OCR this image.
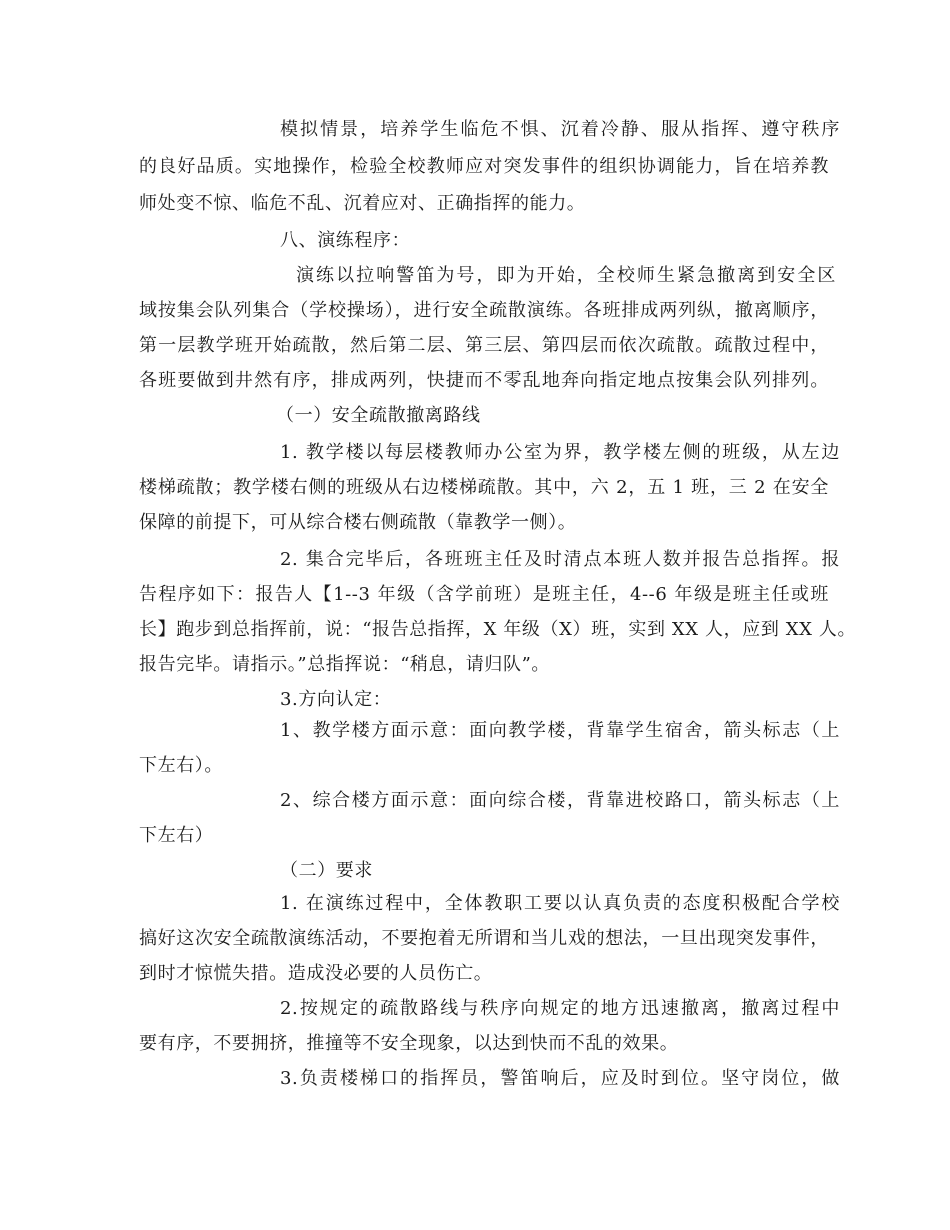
模拟情景，培养学生临危不惧、沉着冷静、服从指挥、遵守秩序
的良好品质。实地操作，检验全校教师应对突发事件的组织协调能力，旨在培养教
师处变不惊、临危不乱、沉着应对、正确指挥的能力。
八、演练程序：
演练以拉响警笛为号，即为开始，全校师生紧急撤离到安全区
域按集会队列集合（学校操场），进行安全疏散演练。各班排成两列纵，撤离顺序，
第一层教学班开始疏散，然后第二层、第三层、第四层而依次疏散。疏散过程中，
各班要做到井然有序，排成两列，快捷而不零乱地奔向指定地点按集会队列排列。
（一）安全疏散撤离路线
1. 教学楼以每层楼教师办公室为界，教学楼左侧的班级，从左边
楼梯疏散；教学楼右侧的班级从右边楼梯疏散。其中，六 2，五 1 班，三 2 在安全
保障的前提下，可从综合楼右侧疏散（靠教学一侧）。
2. 集合完毕后，各班班主任及时清点本班人数并报告总指挥。报
告程序如下：报告人【1--3 年级（含学前班）是班主任，4--6 年级是班主任或班
长】跑步到总指挥前，说：“报告总指挥，X 年级（X）班，实到 XX 人，应到 XX 人。
报告完毕。请指示。”总指挥说：“稍息，请归队”。
3.方向认定：
1、教学楼方面示意：面向教学楼，背靠学生宿舍，箭头标志（上
下左右）。
2、综合楼方面示意：面向综合楼，背靠进校路口，箭头标志（上
下左右）
（二）要求
1. 在演练过程中，全体教职工要以认真负责的态度积极配合学校
搞好这次安全疏散演练活动，不要抱着无所谓和当儿戏的想法，一旦出现突发事件，
到时才惊慌失措。造成没必要的人员伤亡。
2.按规定的疏散路线与秩序向规定的地方迅速撤离，撤离过程中
要有序，不要拥挤，推撞等不安全现象，以达到快而不乱的效果。
3.负责楼梯口的指挥员，警笛响后，应及时到位。坚守岗位，做
